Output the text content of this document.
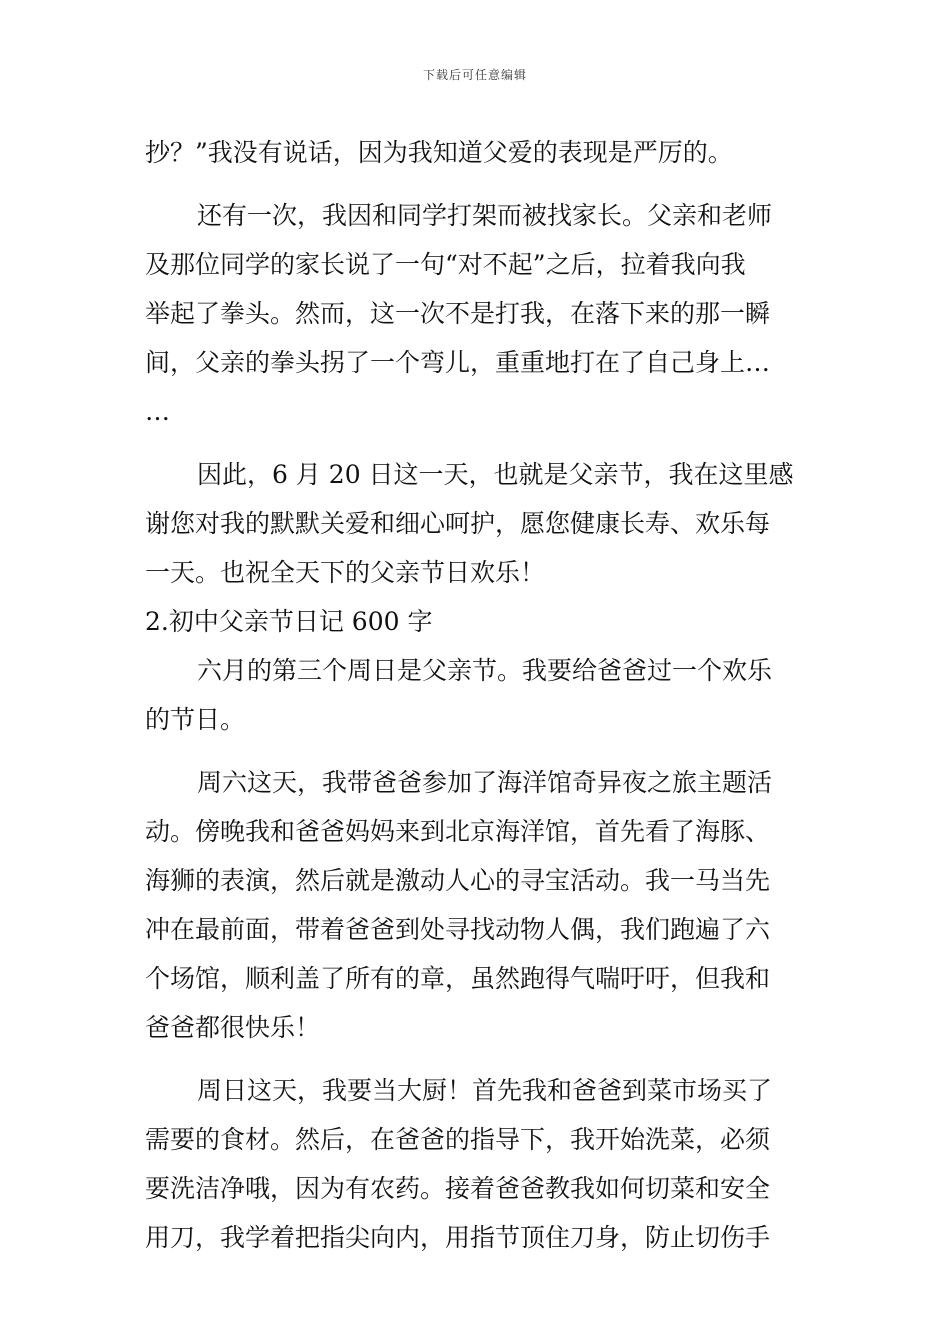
下载后可任意编辑
抄？”我没有说话，因为我知道父爱的表现是严厉的。
还有一次，我因和同学打架而被找家长。父亲和老师
及那位同学的家长说了一句“对不起”之后，拉着我向我
举起了拳头。然而，这一次不是打我，在落下来的那一瞬
间，父亲的拳头拐了一个弯儿，重重地打在了自己身上…
…
因此，6 月 20 日这一天，也就是父亲节，我在这里感
谢您对我的默默关爱和细心呵护，愿您健康长寿、欢乐每
一天。也祝全天下的父亲节日欢乐！
2.初中父亲节日记 600 字
六月的第三个周日是父亲节。我要给爸爸过一个欢乐
的节日。
周六这天，我带爸爸参加了海洋馆奇异夜之旅主题活
动。傍晚我和爸爸妈妈来到北京海洋馆，首先看了海豚、
海狮的表演，然后就是激动人心的寻宝活动。我一马当先
冲在最前面，带着爸爸到处寻找动物人偶，我们跑遍了六
个场馆，顺利盖了所有的章，虽然跑得气喘吁吁，但我和
爸爸都很快乐！
周日这天，我要当大厨！首先我和爸爸到菜市场买了
需要的食材。然后，在爸爸的指导下，我开始洗菜，必须
要洗洁净哦，因为有农药。接着爸爸教我如何切菜和安全
用刀，我学着把指尖向内，用指节顶住刀身，防止切伤手
